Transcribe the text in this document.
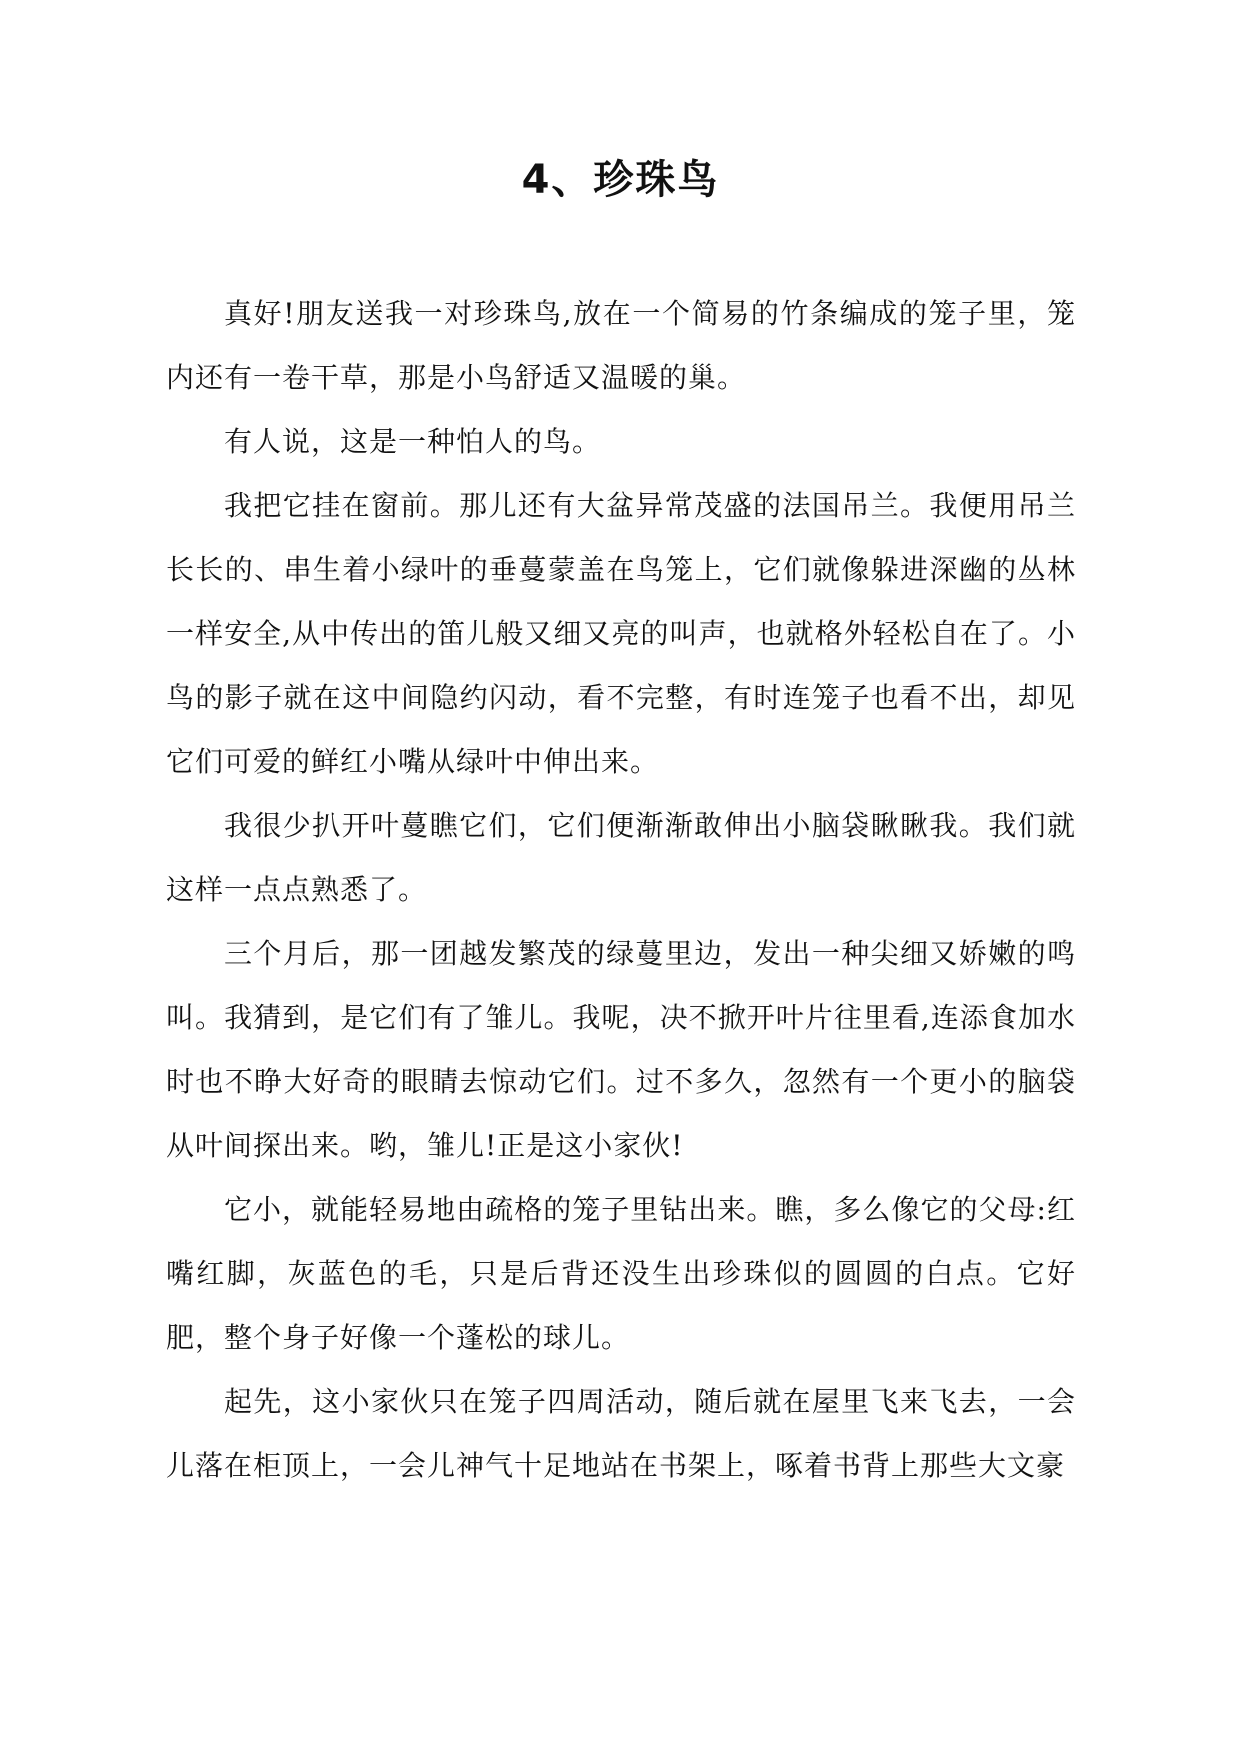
4、珍珠鸟

真好!朋友送我一对珍珠鸟,放在一个简易的竹条编成的笼子里，笼内还有一卷干草，那是小鸟舒适又温暖的巢。

有人说，这是一种怕人的鸟。

我把它挂在窗前。那儿还有大盆异常茂盛的法国吊兰。我便用吊兰长长的、串生着小绿叶的垂蔓蒙盖在鸟笼上，它们就像躲进深幽的丛林一样安全,从中传出的笛儿般又细又亮的叫声，也就格外轻松自在了。小鸟的影子就在这中间隐约闪动，看不完整，有时连笼子也看不出，却见它们可爱的鲜红小嘴从绿叶中伸出来。

我很少扒开叶蔓瞧它们，它们便渐渐敢伸出小脑袋瞅瞅我。我们就这样一点点熟悉了。

三个月后，那一团越发繁茂的绿蔓里边，发出一种尖细又娇嫩的鸣叫。我猜到，是它们有了雏儿。我呢，决不掀开叶片往里看,连添食加水时也不睁大好奇的眼睛去惊动它们。过不多久，忽然有一个更小的脑袋从叶间探出来。哟，雏儿!正是这小家伙!

它小，就能轻易地由疏格的笼子里钻出来。瞧，多么像它的父母:红嘴红脚，灰蓝色的毛，只是后背还没生出珍珠似的圆圆的白点。它好肥，整个身子好像一个蓬松的球儿。

起先，这小家伙只在笼子四周活动，随后就在屋里飞来飞去，一会儿落在柜顶上，一会儿神气十足地站在书架上，啄着书背上那些大文豪
